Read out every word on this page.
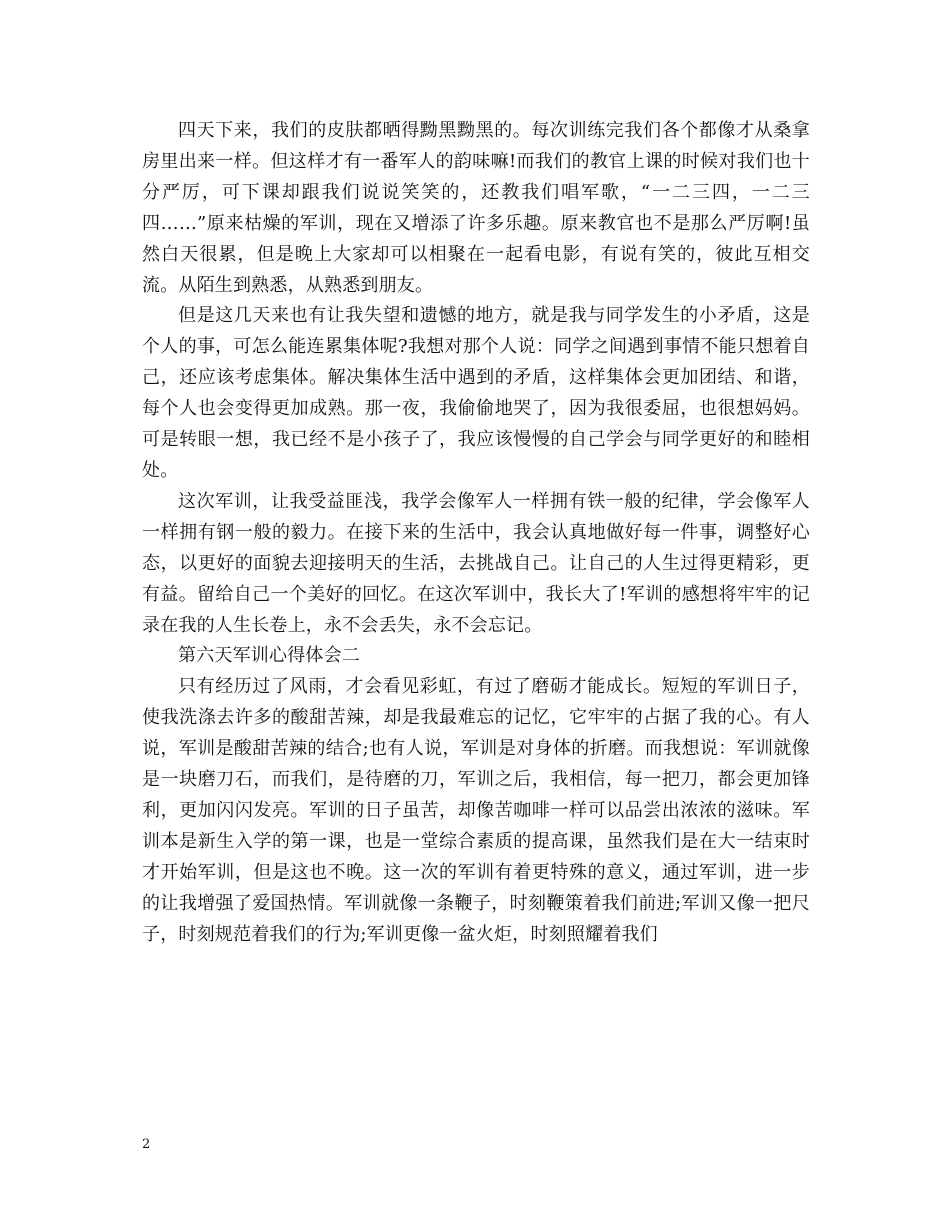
四天下来，我们的皮肤都晒得黝黑黝黑的。每次训练完我们各个都像才从桑拿房里出来一样。但这样才有一番军人的韵味嘛!而我们的教官上课的时候对我们也十分严厉，可下课却跟我们说说笑笑的，还教我们唱军歌，“一二三四，一二三四……”原来枯燥的军训，现在又增添了许多乐趣。原来教官也不是那么严厉啊!虽然白天很累，但是晚上大家却可以相聚在一起看电影，有说有笑的，彼此互相交流。从陌生到熟悉，从熟悉到朋友。

但是这几天来也有让我失望和遗憾的地方，就是我与同学发生的小矛盾，这是个人的事，可怎么能连累集体呢?我想对那个人说：同学之间遇到事情不能只想着自己，还应该考虑集体。解决集体生活中遇到的矛盾，这样集体会更加团结、和谐，每个人也会变得更加成熟。那一夜，我偷偷地哭了，因为我很委屈，也很想妈妈。可是转眼一想，我已经不是小孩子了，我应该慢慢的自己学会与同学更好的和睦相处。

这次军训，让我受益匪浅，我学会像军人一样拥有铁一般的纪律，学会像军人一样拥有钢一般的毅力。在接下来的生活中，我会认真地做好每一件事，调整好心态，以更好的面貌去迎接明天的生活，去挑战自己。让自己的人生过得更精彩，更有益。留给自己一个美好的回忆。在这次军训中，我长大了!军训的感想将牢牢的记录在我的人生长卷上，永不会丢失，永不会忘记。

第六天军训心得体会二

只有经历过了风雨，才会看见彩虹，有过了磨砺才能成长。短短的军训日子，使我洗涤去许多的酸甜苦辣，却是我最难忘的记忆，它牢牢的占据了我的心。有人说，军训是酸甜苦辣的结合;也有人说，军训是对身体的折磨。而我想说：军训就像是一块磨刀石，而我们，是待磨的刀，军训之后，我相信，每一把刀，都会更加锋利，更加闪闪发亮。军训的日子虽苦，却像苦咖啡一样可以品尝出浓浓的滋味。军训本是新生入学的第一课，也是一堂综合素质的提高课，虽然我们是在大一结束时才开始军训，但是这也不晚。这一次的军训有着更特殊的意义，通过军训，进一步的让我增强了爱国热情。军训就像一条鞭子，时刻鞭策着我们前进;军训又像一把尺子，时刻规范着我们的行为;军训更像一盆火炬，时刻照耀着我们

2
